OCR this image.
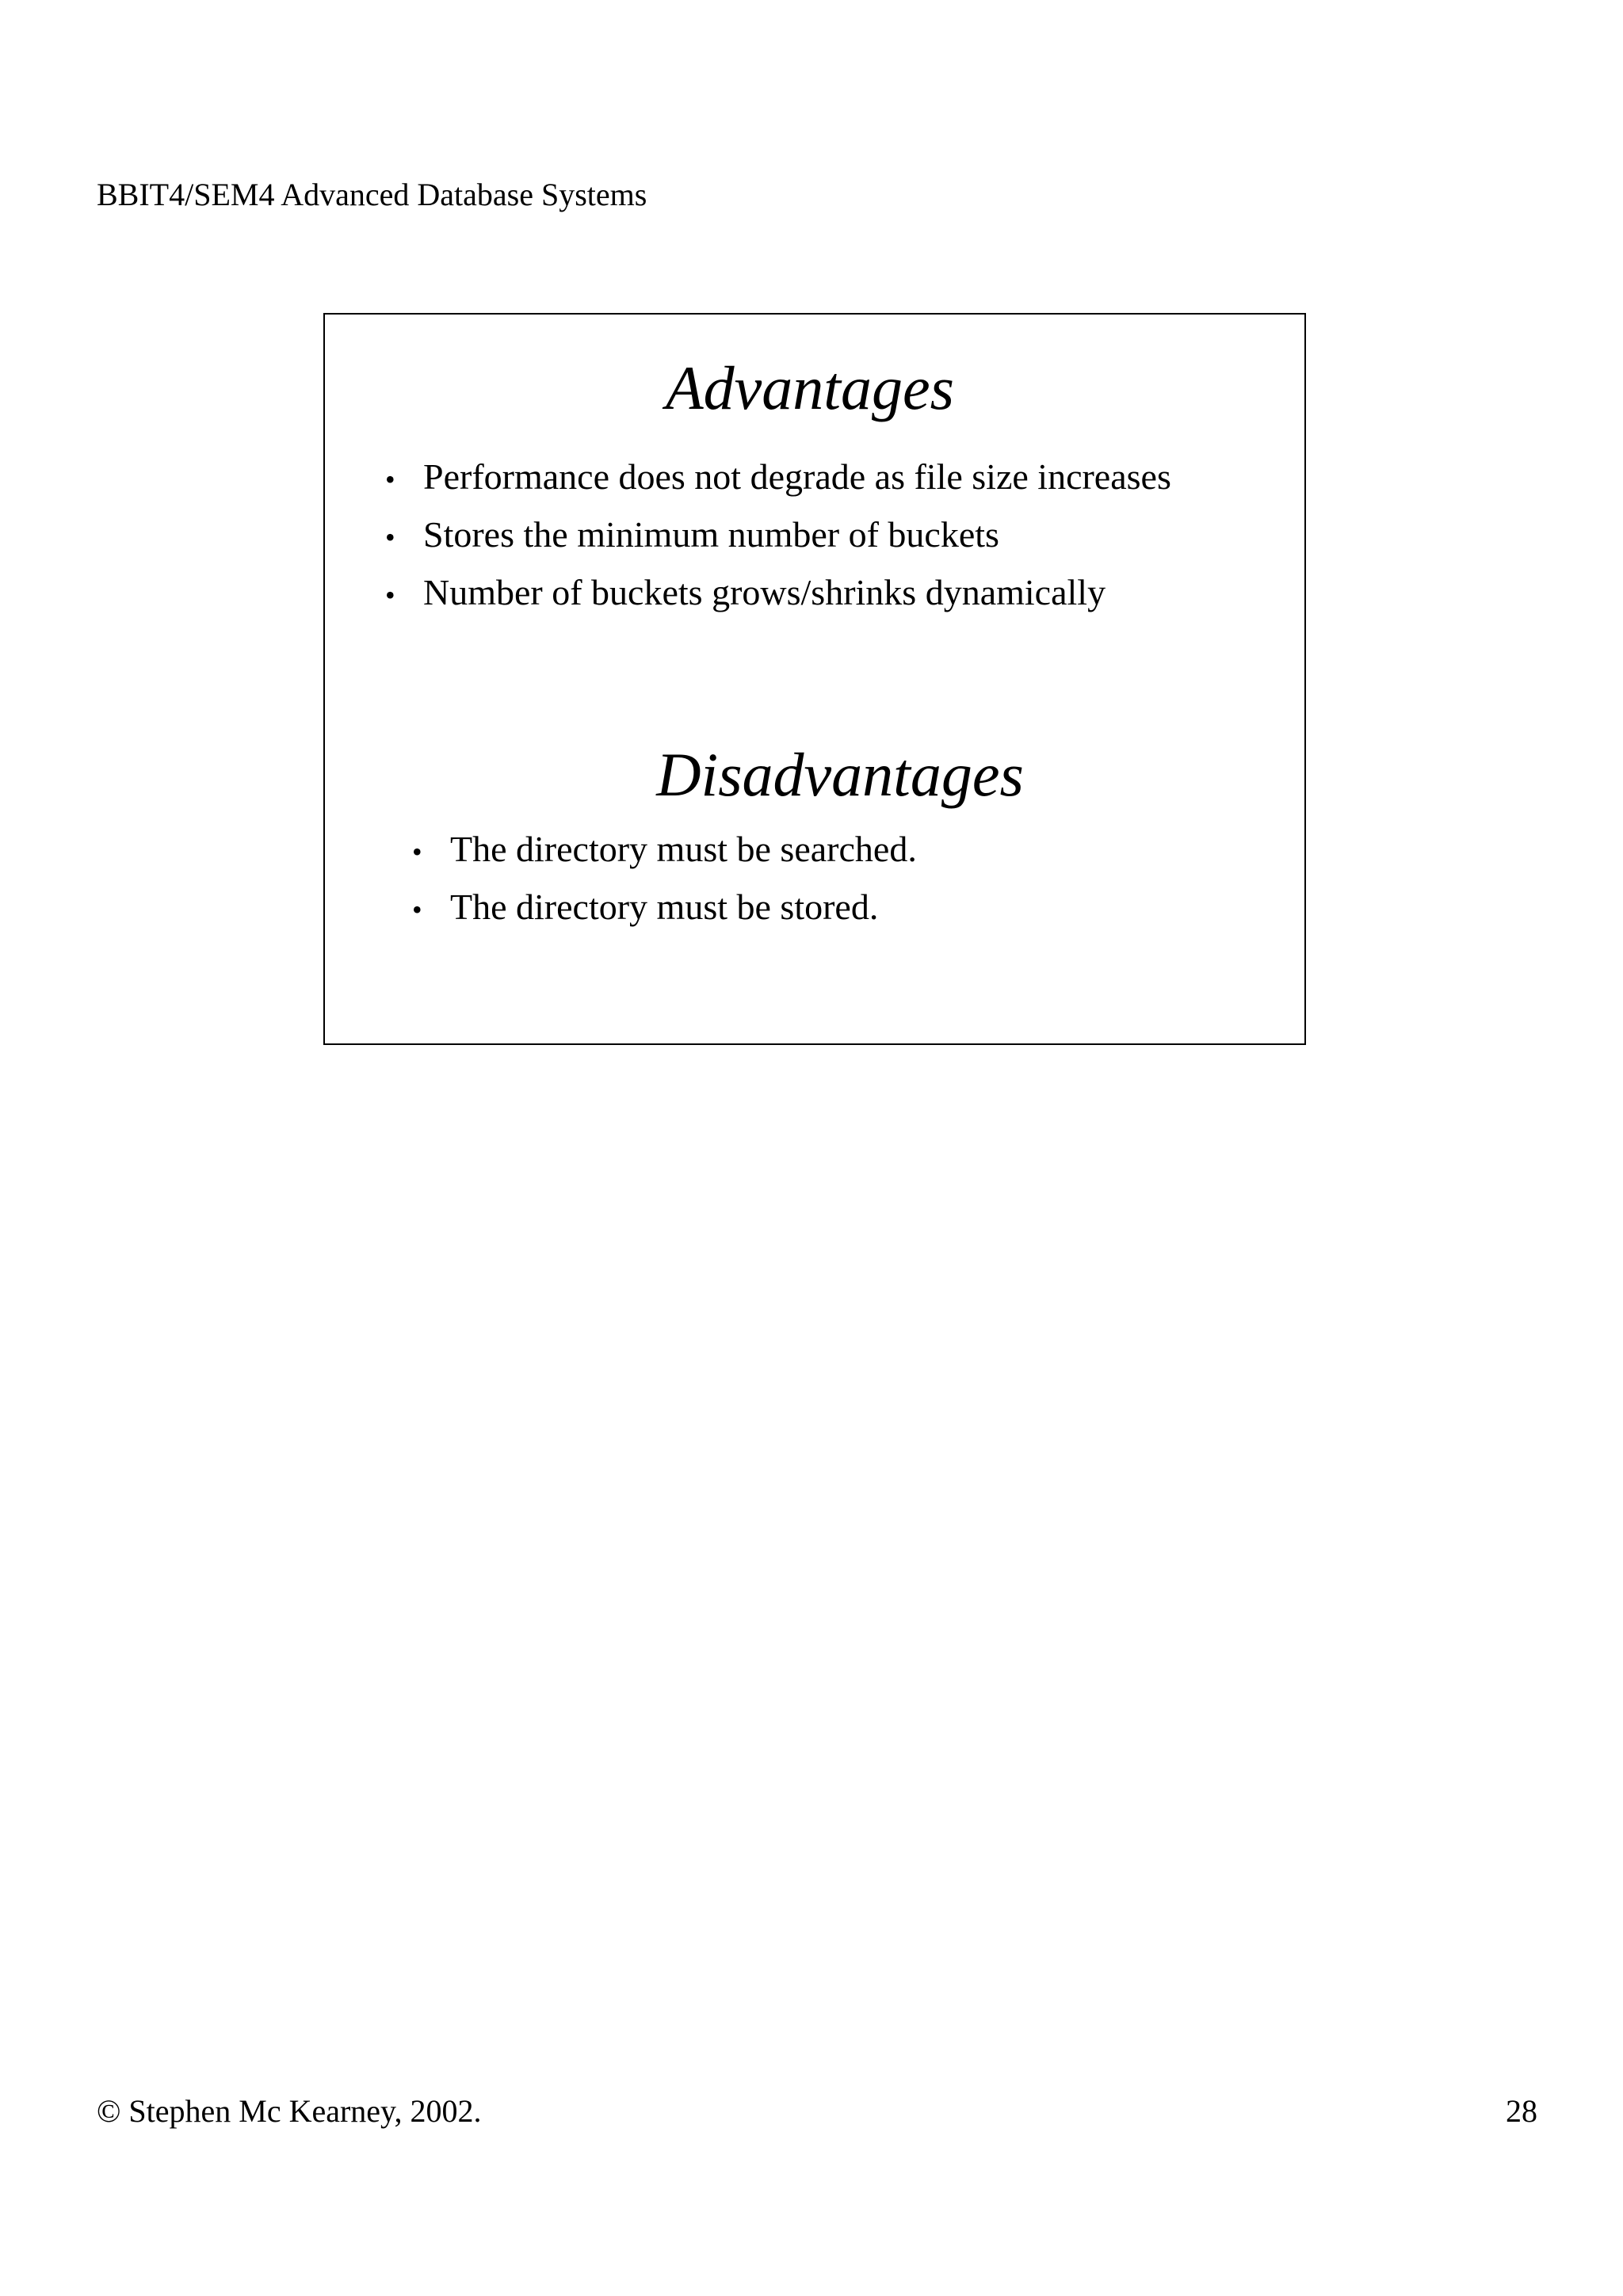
BBIT4/SEM4 Advanced Database Systems
Advantages
• Performance does not degrade as file size increases
• Stores the minimum number of buckets
• Number of buckets grows/shrinks dynamically
Disadvantages
• The directory must be searched.
• The directory must be stored.
© Stephen Mc Kearney, 2002.	28
